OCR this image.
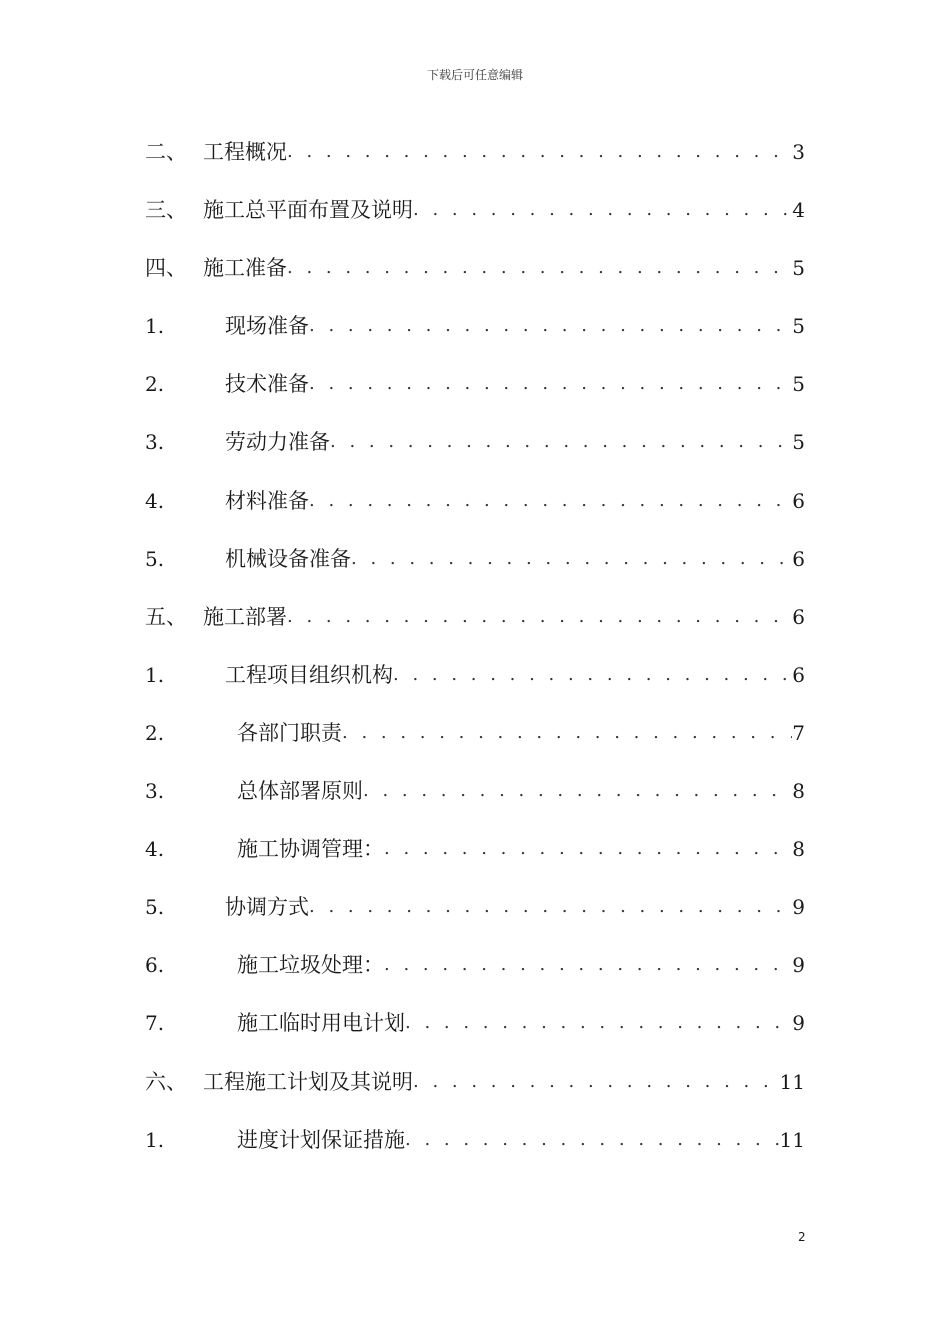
下载后可任意编辑
二、 工程概况 . . .	3
三、 施工总平面布置及说明 . . .	4
四、 施工准备 . . .	5
1.	现场准备 . . .	5
2.	技术准备 . . .	5
3.	劳动力准备 . . .	5
4.	材料准备 . . .	6
5.	机械设备准备 . . .	6
五、 施工部署 . . .	6
1.	工程项目组织机构 . . .	6
2.	各部门职责 . . .	7
3.	总体部署原则 . . .	8
4.	施工协调管理： . . .	8
5.	协调方式 . . .	9
6.	施工垃圾处理： . . .	9
7.	施工临时用电计划 . . .	9
六、 工程施工计划及其说明 . . .	11
1.	进度计划保证措施 . . .	11
2
